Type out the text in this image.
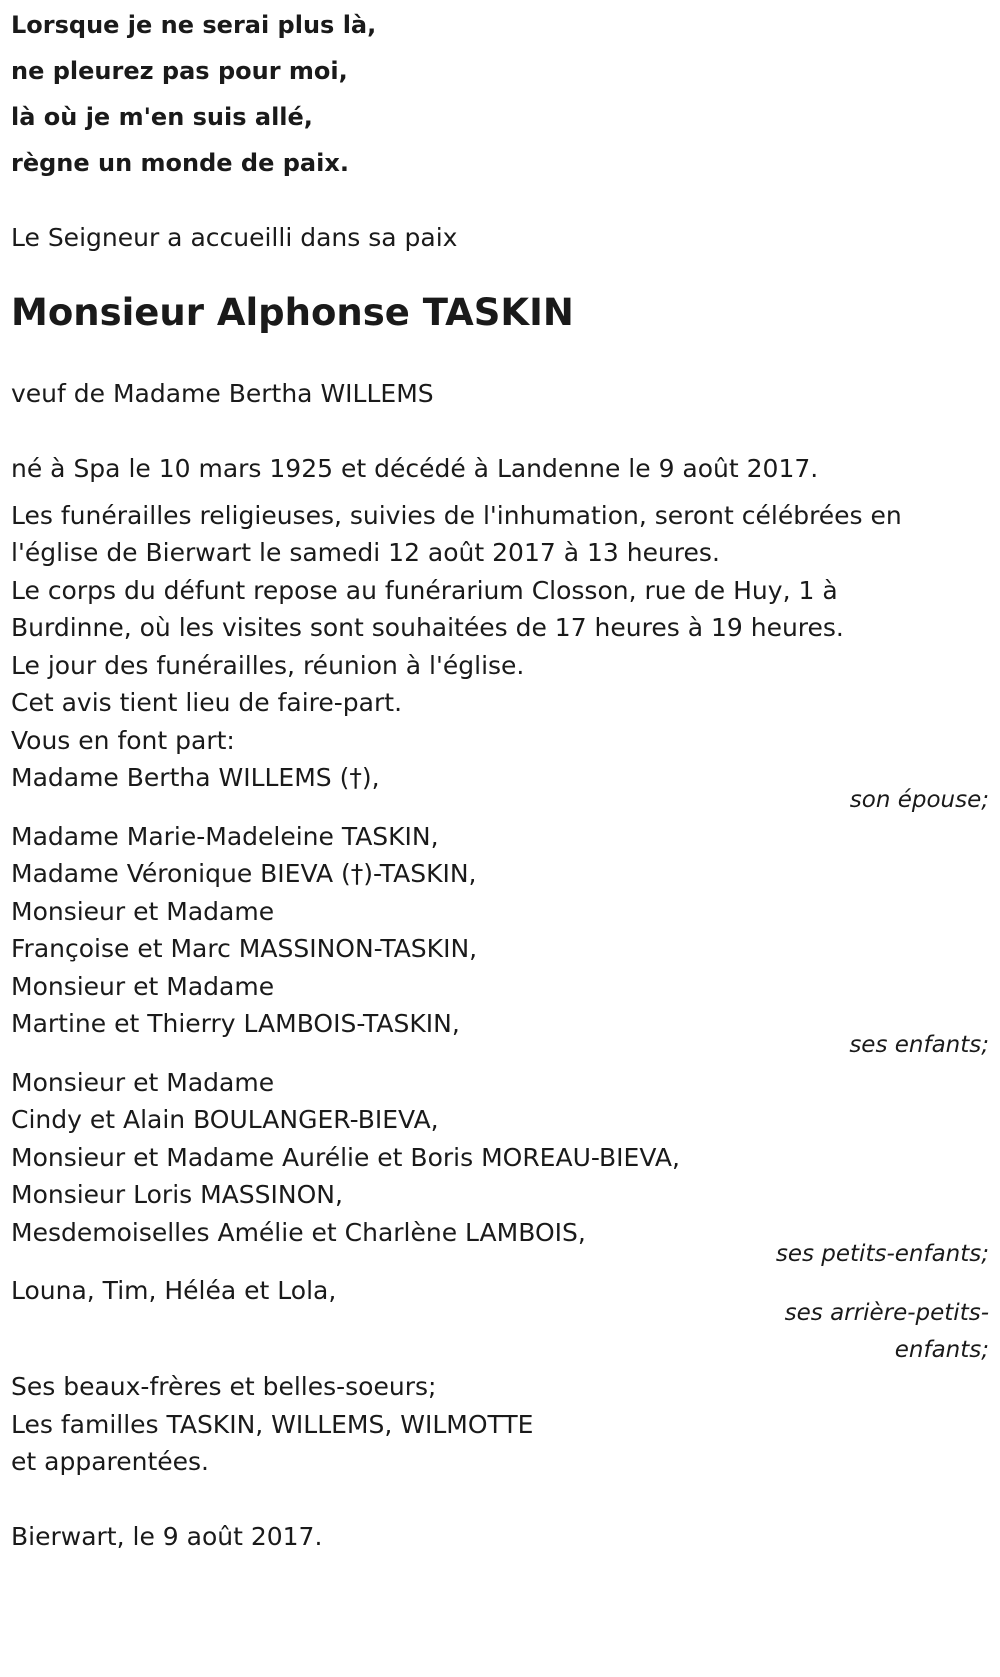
Lorsque je ne serai plus là,
ne pleurez pas pour moi,
là où je m'en suis allé,
règne un monde de paix.
Le Seigneur a accueilli dans sa paix
Monsieur Alphonse TASKIN
veuf de Madame Bertha WILLEMS
né à Spa le 10 mars 1925 et décédé à Landenne le 9 août 2017.
Les funérailles religieuses, suivies de l'inhumation, seront célébrées en
l'église de Bierwart le samedi 12 août 2017 à 13 heures.
Le corps du défunt repose au funérarium Closson, rue de Huy, 1 à
Burdinne, où les visites sont souhaitées de 17 heures à 19 heures.
Le jour des funérailles, réunion à l'église.
Cet avis tient lieu de faire-part.
Vous en font part:
Madame Bertha WILLEMS (†),
son épouse;
Madame Marie-Madeleine TASKIN,
Madame Véronique BIEVA (†)-TASKIN,
Monsieur et Madame
Françoise et Marc MASSINON-TASKIN,
Monsieur et Madame
Martine et Thierry LAMBOIS-TASKIN,
ses enfants;
Monsieur et Madame
Cindy et Alain BOULANGER-BIEVA,
Monsieur et Madame Aurélie et Boris MOREAU-BIEVA,
Monsieur Loris MASSINON,
Mesdemoiselles Amélie et Charlène LAMBOIS,
ses petits-enfants;
Louna, Tim, Héléa et Lola,
ses arrière-petits-
enfants;
Ses beaux-frères et belles-soeurs;
Les familles TASKIN, WILLEMS, WILMOTTE
et apparentées.
Bierwart, le 9 août 2017.
